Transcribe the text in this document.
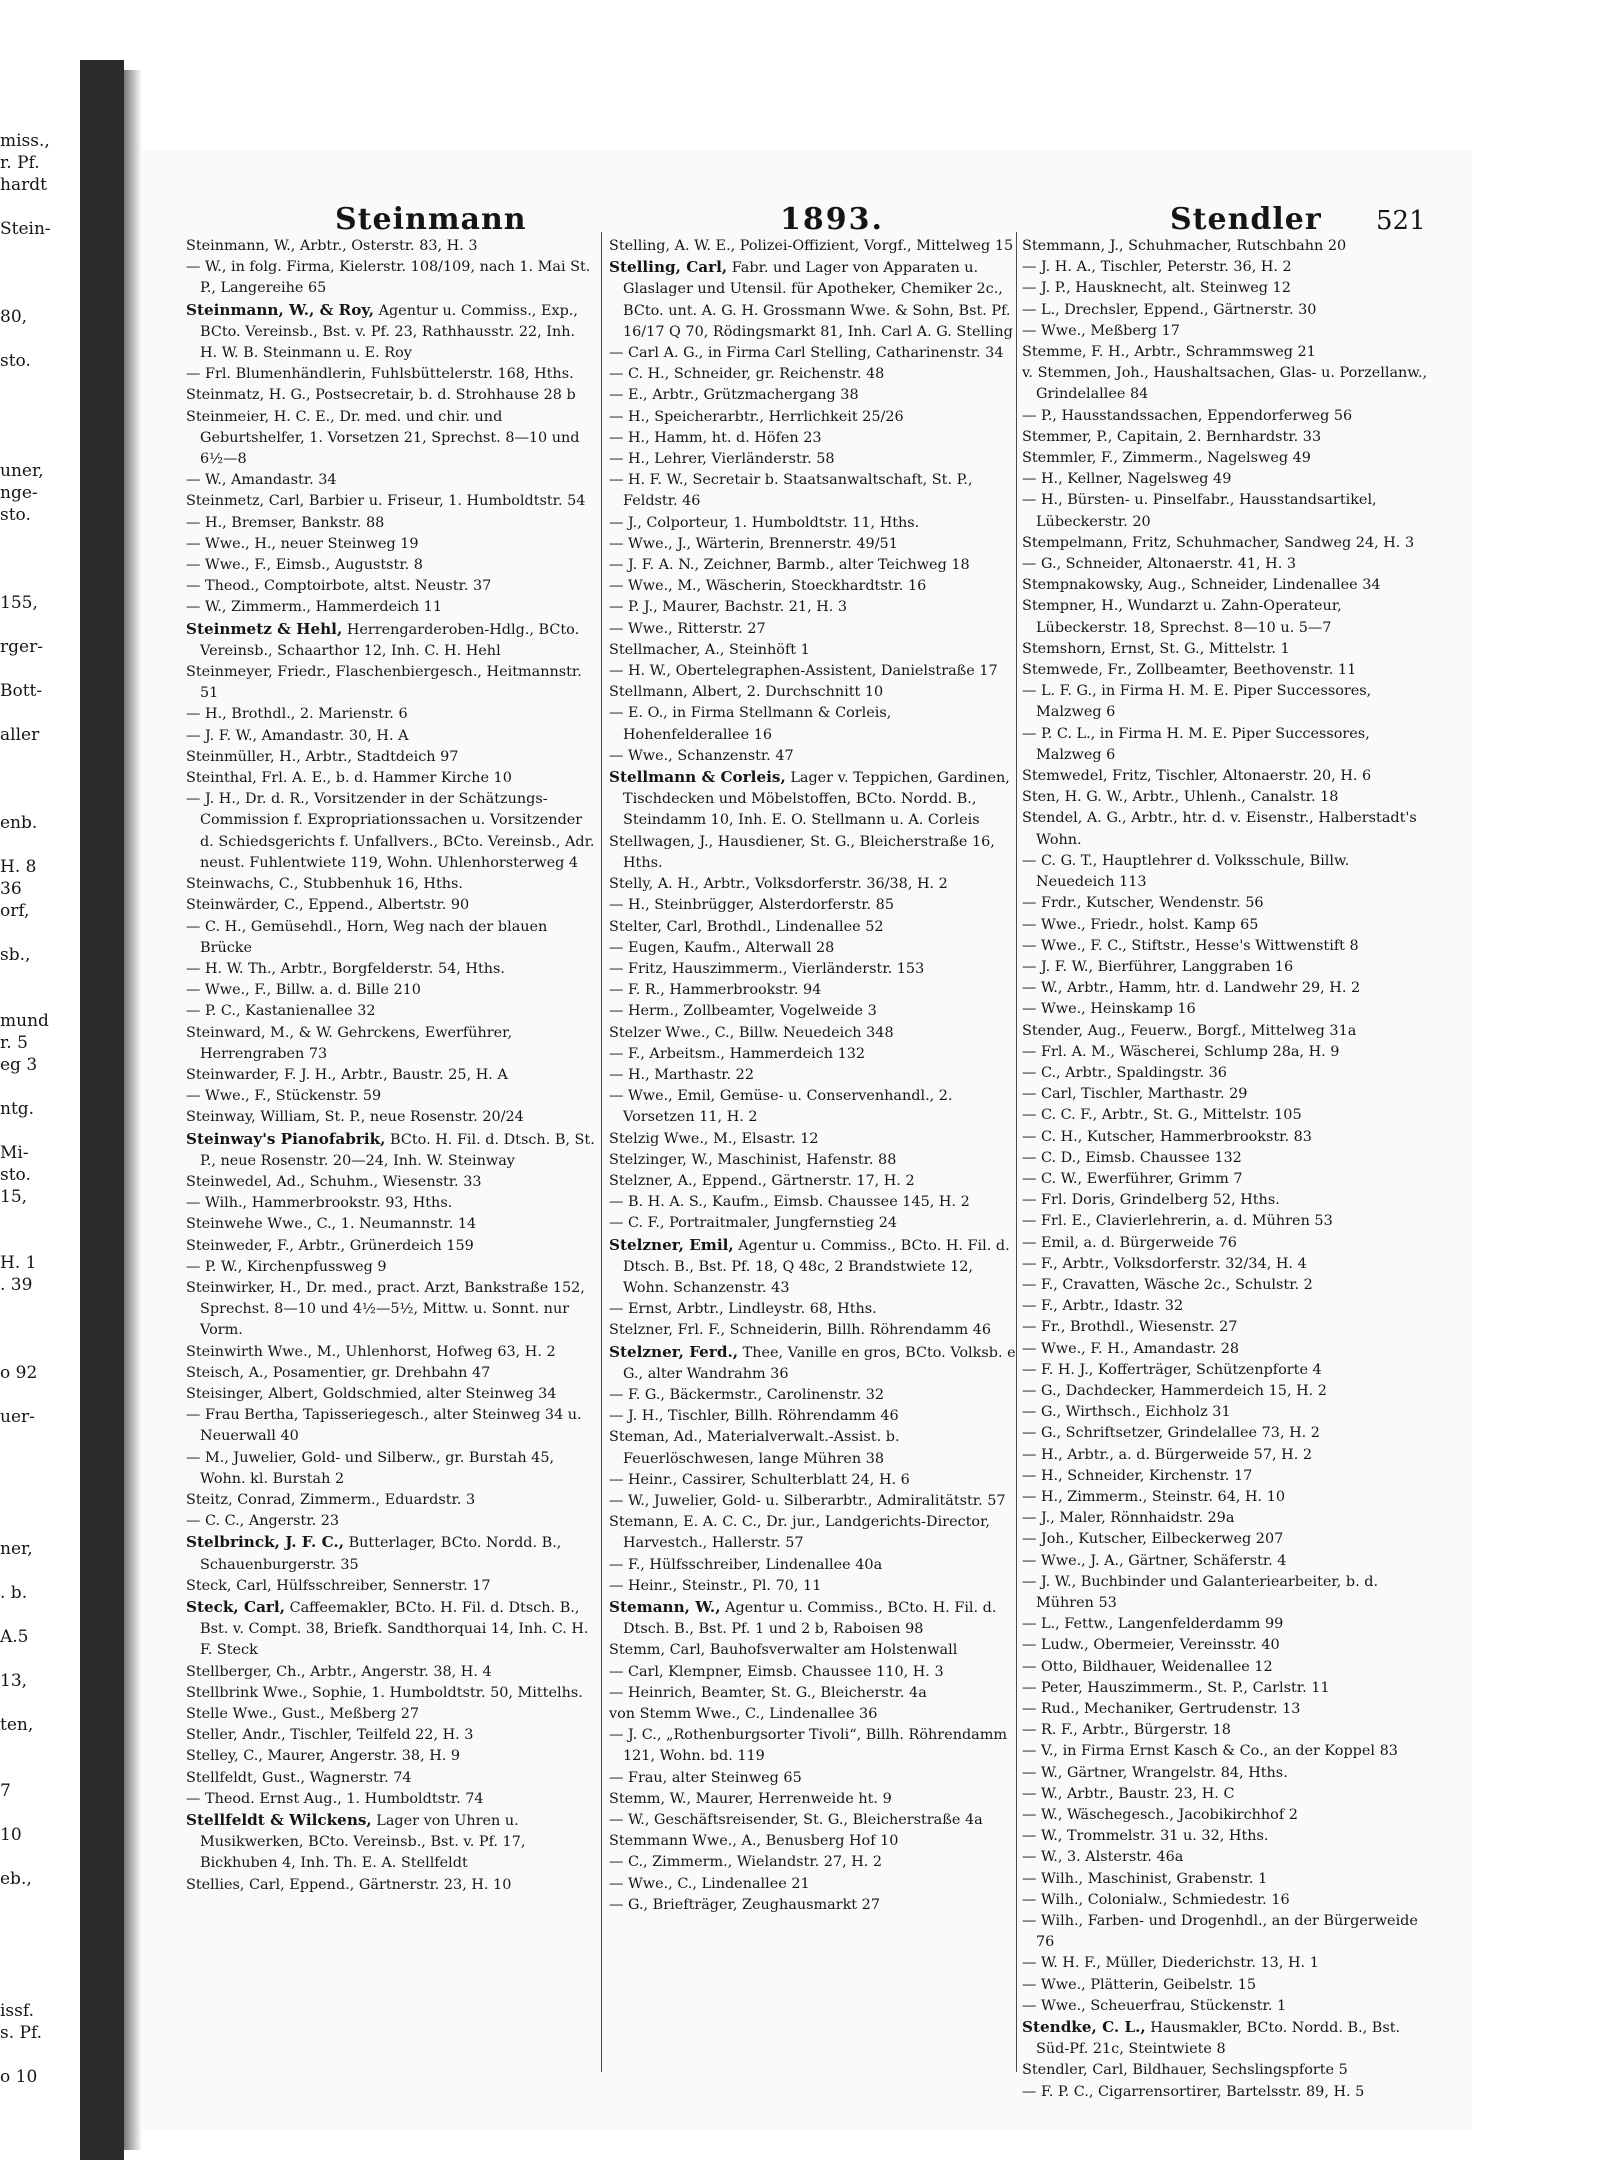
miss.,
r. Pf.
hardt
Stein-
80,
sto.
uner,
nge-
sto.
155,
rger-
Bott-
aller
enb.
H. 8
36
orf,
sb.,
mund
r. 5
eg 3
ntg.
Mi-
sto.
15,
H. 1
. 39
o 92
uer-
ner,
. b.
A.5
13,
ten,
7
10
eb.,
issf.
s. Pf.
o 10
Steinmann	1893.	Stendler 521
Steinmann, W., Arbtr., Osterstr. 83, H. 3
— W., in folg. Firma, Kielerstr. 108/109, nach 1. Mai St. P., Langereihe 65
Steinmann, W., & Roy, Agentur u. Commiss., Exp., BCto. Vereinsb., Bst. v. Pf. 23, Rathhausstr. 22, Inh. H. W. B. Steinmann u. E. Roy
— Frl. Blumenhändlerin, Fuhlsbüttelerstr. 168, Hths.
Steinmatz, H. G., Postsecretair, b. d. Strohhause 28 b
Steinmeier, H. C. E., Dr. med. und chir. und Geburtshelfer, 1. Vorsetzen 21, Sprechst. 8—10 und 6½—8
— W., Amandastr. 34
Steinmetz, Carl, Barbier u. Friseur, 1. Humboldtstr. 54
— H., Bremser, Bankstr. 88
— Wwe., H., neuer Steinweg 19
— Wwe., F., Eimsb., Auguststr. 8
— Theod., Comptoirbote, altst. Neustr. 37
— W., Zimmerm., Hammerdeich 11
Steinmetz & Hehl, Herrengarderoben-Hdlg., BCto. Vereinsb., Schaarthor 12, Inh. C. H. Hehl
Steinmeyer, Friedr., Flaschenbiergesch., Heitmannstr. 51
— H., Brothdl., 2. Marienstr. 6
— J. F. W., Amandastr. 30, H. A
Steinmüller, H., Arbtr., Stadtdeich 97
Steinthal, Frl. A. E., b. d. Hammer Kirche 10
— J. H., Dr. d. R., Vorsitzender in der Schätzungs-Commission f. Expropriationssachen u. Vorsitzender d. Schiedsgerichts f. Unfallvers., BCto. Vereinsb., Adr. neust. Fuhlentwiete 119, Wohn. Uhlenhorsterweg 4
Steinwachs, C., Stubbenhuk 16, Hths.
Steinwärder, C., Eppend., Albertstr. 90
— C. H., Gemüsehdl., Horn, Weg nach der blauen Brücke
— H. W. Th., Arbtr., Borgfelderstr. 54, Hths.
— Wwe., F., Billw. a. d. Bille 210
— P. C., Kastanienallee 32
Steinward, M., & W. Gehrckens, Ewerführer, Herrengraben 73
Steinwarder, F. J. H., Arbtr., Baustr. 25, H. A
— Wwe., F., Stückenstr. 59
Steinway, William, St. P., neue Rosenstr. 20/24
Steinway's Pianofabrik, BCto. H. Fil. d. Dtsch. B, St. P., neue Rosenstr. 20—24, Inh. W. Steinway
Steinwedel, Ad., Schuhm., Wiesenstr. 33
— Wilh., Hammerbrookstr. 93, Hths.
Steinwehe Wwe., C., 1. Neumannstr. 14
Steinweder, F., Arbtr., Grünerdeich 159
— P. W., Kirchenpfussweg 9
Steinwirker, H., Dr. med., pract. Arzt, Bankstraße 152, Sprechst. 8—10 und 4½—5½, Mittw. u. Sonnt. nur Vorm.
Steinwirth Wwe., M., Uhlenhorst, Hofweg 63, H. 2
Steisch, A., Posamentier, gr. Drehbahn 47
Steisinger, Albert, Goldschmied, alter Steinweg 34
— Frau Bertha, Tapisseriegesch., alter Steinweg 34 u. Neuerwall 40
— M., Juwelier, Gold- und Silberw., gr. Burstah 45, Wohn. kl. Burstah 2
Steitz, Conrad, Zimmerm., Eduardstr. 3
— C. C., Angerstr. 23
Stelbrinck, J. F. C., Butterlager, BCto. Nordd. B., Schauenburgerstr. 35
Steck, Carl, Hülfsschreiber, Sennerstr. 17
Steck, Carl, Caffeemakler, BCto. H. Fil. d. Dtsch. B., Bst. v. Compt. 38, Briefk. Sandthorquai 14, Inh. C. H. F. Steck
Stellberger, Ch., Arbtr., Angerstr. 38, H. 4
Stellbrink Wwe., Sophie, 1. Humboldtstr. 50, Mittelhs.
Stelle Wwe., Gust., Meßberg 27
Steller, Andr., Tischler, Teilfeld 22, H. 3
Stelley, C., Maurer, Angerstr. 38, H. 9
Stellfeldt, Gust., Wagnerstr. 74
— Theod. Ernst Aug., 1. Humboldtstr. 74
Stellfeldt & Wilckens, Lager von Uhren u. Musikwerken, BCto. Vereinsb., Bst. v. Pf. 17, Bickhuben 4, Inh. Th. E. A. Stellfeldt
Stellies, Carl, Eppend., Gärtnerstr. 23, H. 10
Stelling, A. W. E., Polizei-Offizient, Vorgf., Mittelweg 15
Stelling, Carl, Fabr. und Lager von Apparaten u. Glaslager und Utensil. für Apotheker, Chemiker 2c., BCto. unt. A. G. H. Grossmann Wwe. & Sohn, Bst. Pf. 16/17 Q 70, Rödingsmarkt 81, Inh. Carl A. G. Stelling
— Carl A. G., in Firma Carl Stelling, Catharinenstr. 34
— C. H., Schneider, gr. Reichenstr. 48
— E., Arbtr., Grützmachergang 38
— H., Speicherarbtr., Herrlichkeit 25/26
— H., Hamm, ht. d. Höfen 23
— H., Lehrer, Vierländerstr. 58
— H. F. W., Secretair b. Staatsanwaltschaft, St. P., Feldstr. 46
— J., Colporteur, 1. Humboldtstr. 11, Hths.
— Wwe., J., Wärterin, Brennerstr. 49/51
— J. F. A. N., Zeichner, Barmb., alter Teichweg 18
— Wwe., M., Wäscherin, Stoeckhardtstr. 16
— P. J., Maurer, Bachstr. 21, H. 3
— Wwe., Ritterstr. 27
Stellmacher, A., Steinhöft 1
— H. W., Obertelegraphen-Assistent, Danielstraße 17
Stellmann, Albert, 2. Durchschnitt 10
— E. O., in Firma Stellmann & Corleis, Hohenfelderallee 16
— Wwe., Schanzenstr. 47
Stellmann & Corleis, Lager v. Teppichen, Gardinen, Tischdecken und Möbelstoffen, BCto. Nordd. B., Steindamm 10, Inh. E. O. Stellmann u. A. Corleis
Stellwagen, J., Hausdiener, St. G., Bleicherstraße 16, Hths.
Stelly, A. H., Arbtr., Volksdorferstr. 36/38, H. 2
— H., Steinbrügger, Alsterdorferstr. 85
Stelter, Carl, Brothdl., Lindenallee 52
— Eugen, Kaufm., Alterwall 28
— Fritz, Hauszimmerm., Vierländerstr. 153
— F. R., Hammerbrookstr. 94
— Herm., Zollbeamter, Vogelweide 3
Stelzer Wwe., C., Billw. Neuedeich 348
— F., Arbeitsm., Hammerdeich 132
— H., Marthastr. 22
— Wwe., Emil, Gemüse- u. Conservenhandl., 2. Vorsetzen 11, H. 2
Stelzig Wwe., M., Elsastr. 12
Stelzinger, W., Maschinist, Hafenstr. 88
Stelzner, A., Eppend., Gärtnerstr. 17, H. 2
— B. H. A. S., Kaufm., Eimsb. Chaussee 145, H. 2
— C. F., Portraitmaler, Jungfernstieg 24
Stelzner, Emil, Agentur u. Commiss., BCto. H. Fil. d. Dtsch. B., Bst. Pf. 18, Q 48c, 2 Brandstwiete 12, Wohn. Schanzenstr. 43
— Ernst, Arbtr., Lindleystr. 68, Hths.
Stelzner, Frl. F., Schneiderin, Billh. Röhrendamm 46
Stelzner, Ferd., Thee, Vanille en gros, BCto. Volksb. e G., alter Wandrahm 36
— F. G., Bäckermstr., Carolinenstr. 32
— J. H., Tischler, Billh. Röhrendamm 46
Steman, Ad., Materialverwalt.-Assist. b. Feuerlöschwesen, lange Mühren 38
— Heinr., Cassirer, Schulterblatt 24, H. 6
— W., Juwelier, Gold- u. Silberarbtr., Admiralitätstr. 57
Stemann, E. A. C. C., Dr. jur., Landgerichts-Director, Harvestch., Hallerstr. 57
— F., Hülfsschreiber, Lindenallee 40a
— Heinr., Steinstr., Pl. 70, 11
Stemann, W., Agentur u. Commiss., BCto. H. Fil. d. Dtsch. B., Bst. Pf. 1 und 2 b, Raboisen 98
Stemm, Carl, Bauhofsverwalter am Holstenwall
— Carl, Klempner, Eimsb. Chaussee 110, H. 3
— Heinrich, Beamter, St. G., Bleicherstr. 4a
von Stemm Wwe., C., Lindenallee 36
— J. C., „Rothenburgsorter Tivoli“, Billh. Röhrendamm 121, Wohn. bd. 119
— Frau, alter Steinweg 65
Stemm, W., Maurer, Herrenweide ht. 9
— W., Geschäftsreisender, St. G., Bleicherstraße 4a
Stemmann Wwe., A., Benusberg Hof 10
— C., Zimmerm., Wielandstr. 27, H. 2
— Wwe., C., Lindenallee 21
— G., Briefträger, Zeughausmarkt 27
Stemmann, J., Schuhmacher, Rutschbahn 20
— J. H. A., Tischler, Peterstr. 36, H. 2
— J. P., Hausknecht, alt. Steinweg 12
— L., Drechsler, Eppend., Gärtnerstr. 30
— Wwe., Meßberg 17
Stemme, F. H., Arbtr., Schrammsweg 21
v. Stemmen, Joh., Haushaltsachen, Glas- u. Porzellanw., Grindelallee 84
— P., Hausstandssachen, Eppendorferweg 56
Stemmer, P., Capitain, 2. Bernhardstr. 33
Stemmler, F., Zimmerm., Nagelsweg 49
— H., Kellner, Nagelsweg 49
— H., Bürsten- u. Pinselfabr., Hausstandsartikel, Lübeckerstr. 20
Stempelmann, Fritz, Schuhmacher, Sandweg 24, H. 3
— G., Schneider, Altonaerstr. 41, H. 3
Stempnakowsky, Aug., Schneider, Lindenallee 34
Stempner, H., Wundarzt u. Zahn-Operateur, Lübeckerstr. 18, Sprechst. 8—10 u. 5—7
Stemshorn, Ernst, St. G., Mittelstr. 1
Stemwede, Fr., Zollbeamter, Beethovenstr. 11
— L. F. G., in Firma H. M. E. Piper Successores, Malzweg 6
— P. C. L., in Firma H. M. E. Piper Successores, Malzweg 6
Stemwedel, Fritz, Tischler, Altonaerstr. 20, H. 6
Sten, H. G. W., Arbtr., Uhlenh., Canalstr. 18
Stendel, A. G., Arbtr., htr. d. v. Eisenstr., Halberstadt's Wohn.
— C. G. T., Hauptlehrer d. Volksschule, Billw. Neuedeich 113
— Frdr., Kutscher, Wendenstr. 56
— Wwe., Friedr., holst. Kamp 65
— Wwe., F. C., Stiftstr., Hesse's Wittwenstift 8
— J. F. W., Bierführer, Langgraben 16
— W., Arbtr., Hamm, htr. d. Landwehr 29, H. 2
— Wwe., Heinskamp 16
Stender, Aug., Feuerw., Borgf., Mittelweg 31a
— Frl. A. M., Wäscherei, Schlump 28a, H. 9
— C., Arbtr., Spaldingstr. 36
— Carl, Tischler, Marthastr. 29
— C. C. F., Arbtr., St. G., Mittelstr. 105
— C. H., Kutscher, Hammerbrookstr. 83
— C. D., Eimsb. Chaussee 132
— C. W., Ewerführer, Grimm 7
— Frl. Doris, Grindelberg 52, Hths.
— Frl. E., Clavierlehrerin, a. d. Mühren 53
— Emil, a. d. Bürgerweide 76
— F., Arbtr., Volksdorferstr. 32/34, H. 4
— F., Cravatten, Wäsche 2c., Schulstr. 2
— F., Arbtr., Idastr. 32
— Fr., Brothdl., Wiesenstr. 27
— Wwe., F. H., Amandastr. 28
— F. H. J., Kofferträger, Schützenpforte 4
— G., Dachdecker, Hammerdeich 15, H. 2
— G., Wirthsch., Eichholz 31
— G., Schriftsetzer, Grindelallee 73, H. 2
— H., Arbtr., a. d. Bürgerweide 57, H. 2
— H., Schneider, Kirchenstr. 17
— H., Zimmerm., Steinstr. 64, H. 10
— J., Maler, Rönnhaidstr. 29a
— Joh., Kutscher, Eilbeckerweg 207
— Wwe., J. A., Gärtner, Schäferstr. 4
— J. W., Buchbinder und Galanteriearbeiter, b. d. Mühren 53
— L., Fettw., Langenfelderdamm 99
— Ludw., Obermeier, Vereinsstr. 40
— Otto, Bildhauer, Weidenallee 12
— Peter, Hauszimmerm., St. P., Carlstr. 11
— Rud., Mechaniker, Gertrudenstr. 13
— R. F., Arbtr., Bürgerstr. 18
— V., in Firma Ernst Kasch & Co., an der Koppel 83
— W., Gärtner, Wrangelstr. 84, Hths.
— W., Arbtr., Baustr. 23, H. C
— W., Wäschegesch., Jacobikirchhof 2
— W., Trommelstr. 31 u. 32, Hths.
— W., 3. Alsterstr. 46a
— Wilh., Maschinist, Grabenstr. 1
— Wilh., Colonialw., Schmiedestr. 16
— Wilh., Farben- und Drogenhdl., an der Bürgerweide 76
— W. H. F., Müller, Diederichstr. 13, H. 1
— Wwe., Plätterin, Geibelstr. 15
— Wwe., Scheuerfrau, Stückenstr. 1
Stendke, C. L., Hausmakler, BCto. Nordd. B., Bst. Süd-Pf. 21c, Steintwiete 8
Stendler, Carl, Bildhauer, Sechslingspforte 5
— F. P. C., Cigarrensortirer, Bartelsstr. 89, H. 5
